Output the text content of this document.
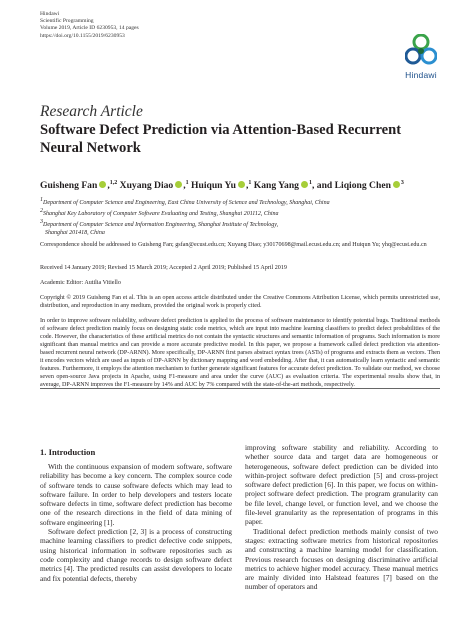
Hindawi
Scientific Programming
Volume 2019, Article ID 6230953, 14 pages
https://doi.org/10.1155/2019/6230953
Hindawi
Research Article
Software Defect Prediction via Attention-Based Recurrent Neural Network
Guisheng Fan ,$^{1,2}$ Xuyang Diao ,$^1$ Huiqun Yu ,$^1$ Kang Yang $^1$, and Liqiong Chen $^3$
$^1$Department of Computer Science and Engineering, East China University of Science and Technology, Shanghai, China
$^2$Shanghai Key Laboratory of Computer Software Evaluating and Testing, Shanghai 201112, China
$^3$Department of Computer Science and Information Engineering, Shanghai Institute of Technology,
Shanghai 201418, China
Correspondence should be addressed to Guisheng Fan; gsfan@ecust.edu.cn; Xuyang Diao; y30170698@mail.ecust.edu.cn; and Huiqun Yu; yhq@ecust.edu.cn
Received 14 January 2019; Revised 15 March 2019; Accepted 2 April 2019; Published 15 April 2019
Academic Editor: Autilia Vitiello
Copyright © 2019 Guisheng Fan et al. This is an open access article distributed under the Creative Commons Attribution License, which permits unrestricted use, distribution, and reproduction in any medium, provided the original work is properly cited.
In order to improve software reliability, software defect prediction is applied to the process of software maintenance to identify potential bugs. Traditional methods of software defect prediction mainly focus on designing static code metrics, which are input into machine learning classifiers to predict defect probabilities of the code. However, the characteristics of these artificial metrics do not contain the syntactic structures and semantic information of programs. Such information is more significant than manual metrics and can provide a more accurate predictive model. In this paper, we propose a framework called defect prediction via attention-based recurrent neural network (DP-ARNN). More specifically, DP-ARNN first parses abstract syntax trees (ASTs) of programs and extracts them as vectors. Then it encodes vectors which are used as inputs of DP-ARNN by dictionary mapping and word embedding. After that, it can automatically learn syntactic and semantic features. Furthermore, it employs the attention mechanism to further generate significant features for accurate defect prediction. To validate our method, we choose seven open-source Java projects in Apache, using F1-measure and area under the curve (AUC) as evaluation criteria. The experimental results show that, in average, DP-ARNN improves the F1-measure by 14% and AUC by 7% compared with the state-of-the-art methods, respectively.
1. Introduction

With the continuous expansion of modern software, software reliability has become a key concern. The complex source code of software tends to cause software defects which may lead to software failure. In order to help developers and testers locate software defects in time, software defect prediction has become one of the research directions in the field of data mining of software engineering [1].

Software defect prediction [2, 3] is a process of constructing machine learning classifiers to predict defective code snippets, using historical information in software repositories such as code complexity and change records to design software defect metrics [4]. The predicted results can assist developers to locate and fix potential defects, thereby

improving software stability and reliability. According to whether source data and target data are homogeneous or heterogeneous, software defect prediction can be divided into within-project software defect prediction [5] and cross-project software defect prediction [6]. In this paper, we focus on within-project software defect prediction. The program granularity can be file level, change level, or function level, and we choose the file-level granularity as the representation of programs in this paper.

Traditional defect prediction methods mainly consist of two stages: extracting software metrics from historical repositories and constructing a machine learning model for classification. Previous research focuses on designing discriminative artificial metrics to achieve higher model accuracy. These manual metrics are mainly divided into Halstead features [7] based on the number of operators and
